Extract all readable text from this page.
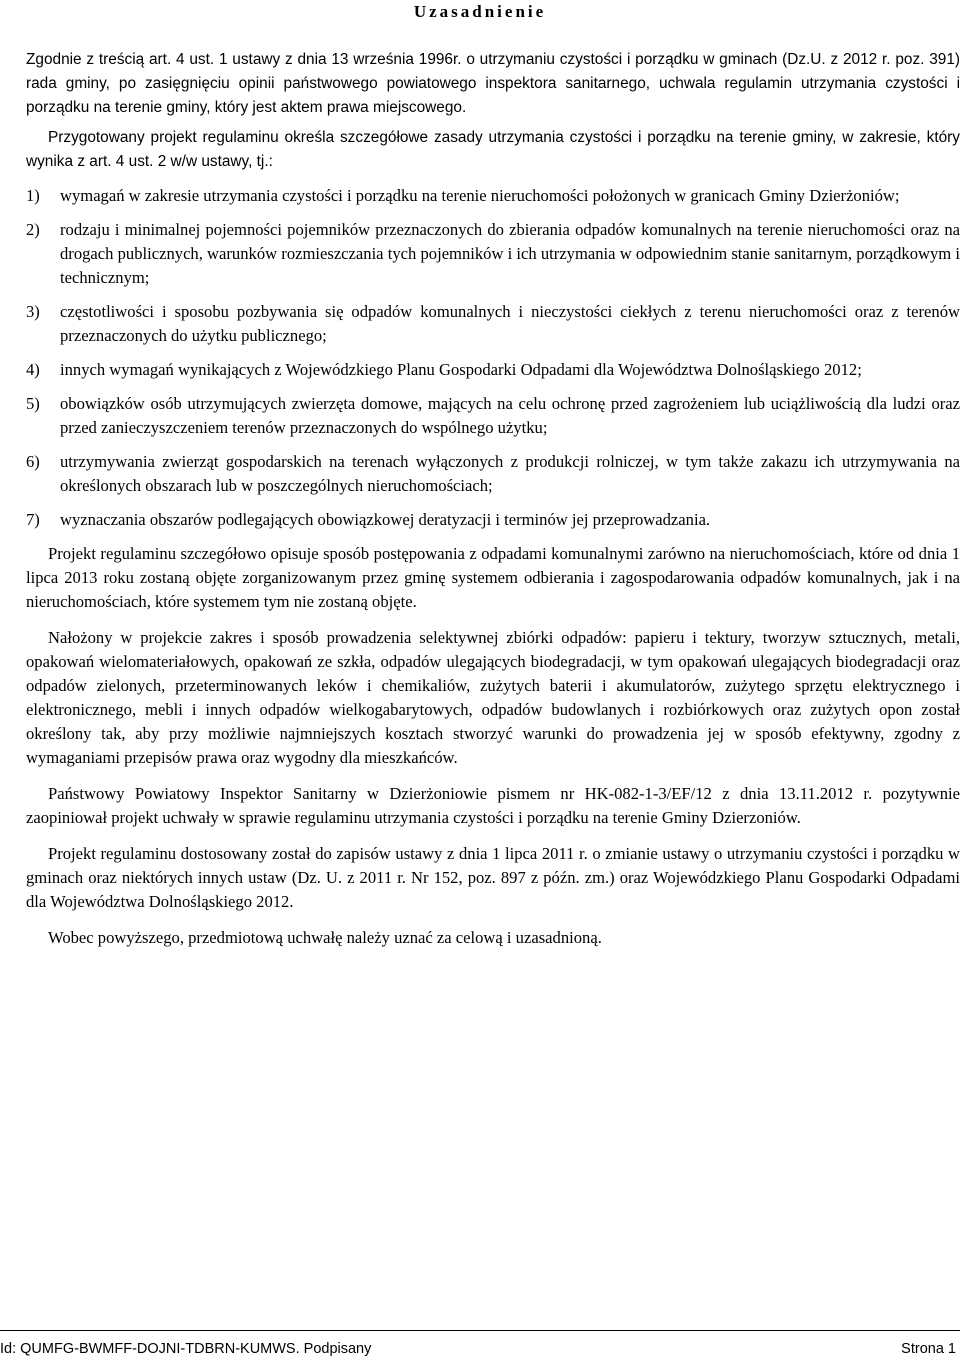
Uzasadnienie

Zgodnie z treścią art. 4 ust. 1 ustawy z dnia 13 września 1996r. o utrzymaniu czystości i porządku w gminach (Dz.U. z 2012 r. poz. 391) rada gminy, po zasięgnięciu opinii państwowego powiatowego inspektora sanitarnego, uchwala regulamin utrzymania czystości i porządku na terenie gminy, który jest aktem prawa miejscowego.

Przygotowany projekt regulaminu określa szczegółowe zasady utrzymania czystości i porządku na terenie gminy, w zakresie, który wynika z art. 4 ust. 2 w/w ustawy, tj.:

1)	wymagań w zakresie utrzymania czystości i porządku na terenie nieruchomości położonych w granicach Gminy Dzierżoniów;
2)	rodzaju i minimalnej pojemności pojemników przeznaczonych do zbierania odpadów komunalnych na terenie nieruchomości oraz na drogach publicznych, warunków rozmieszczania tych pojemników i ich utrzymania w odpowiednim stanie sanitarnym, porządkowym i technicznym;
3)	częstotliwości i sposobu pozbywania się odpadów komunalnych i nieczystości ciekłych z terenu nieruchomości oraz z terenów przeznaczonych do użytku publicznego;
4)	innych wymagań wynikających z Wojewódzkiego Planu Gospodarki Odpadami dla Województwa Dolnośląskiego 2012;
5)	obowiązków osób utrzymujących zwierzęta domowe, mających na celu ochronę przed zagrożeniem lub uciążliwością dla ludzi oraz przed zanieczyszczeniem terenów przeznaczonych do wspólnego użytku;
6)	utrzymywania zwierząt gospodarskich na terenach wyłączonych z produkcji rolniczej, w tym także zakazu ich utrzymywania na określonych obszarach lub w poszczególnych nieruchomościach;
7)	wyznaczania obszarów podlegających obowiązkowej deratyzacji i terminów jej przeprowadzania.

Projekt regulaminu szczegółowo opisuje sposób postępowania z odpadami komunalnymi zarówno na nieruchomościach, które od dnia 1 lipca 2013 roku zostaną objęte zorganizowanym przez gminę systemem odbierania i zagospodarowania odpadów komunalnych, jak i na nieruchomościach, które systemem tym nie zostaną objęte.

Nałożony w projekcie zakres i sposób prowadzenia selektywnej zbiórki odpadów: papieru i tektury, tworzyw sztucznych, metali, opakowań wielomateriałowych, opakowań ze szkła, odpadów ulegających biodegradacji, w tym opakowań ulegających biodegradacji oraz odpadów zielonych, przeterminowanych leków i chemikaliów, zużytych baterii i akumulatorów, zużytego sprzętu elektrycznego i elektronicznego, mebli i innych odpadów wielkogabarytowych, odpadów budowlanych i rozbiórkowych oraz zużytych opon został określony tak, aby przy możliwie najmniejszych kosztach stworzyć warunki do prowadzenia jej w sposób efektywny, zgodny z wymaganiami przepisów prawa oraz wygodny dla mieszkańców.

Państwowy Powiatowy Inspektor Sanitarny w Dzierżoniowie pismem nr HK-082-1-3/EF/12 z dnia 13.11.2012 r. pozytywnie zaopiniował projekt uchwały w sprawie regulaminu utrzymania czystości i porządku na terenie Gminy Dzierzoniów.

Projekt regulaminu dostosowany został do zapisów ustawy z dnia 1 lipca 2011 r. o zmianie ustawy o utrzymaniu czystości i porządku w gminach oraz niektórych innych ustaw (Dz. U. z 2011 r. Nr 152, poz. 897 z późn. zm.) oraz Wojewódzkiego Planu Gospodarki Odpadami dla Województwa Dolnośląskiego 2012.

Wobec powyższego, przedmiotową uchwałę należy uznać za celową i uzasadnioną.

Id: QUMFG-BWMFF-DOJNI-TDBRN-KUMWS. Podpisany	Strona 1
